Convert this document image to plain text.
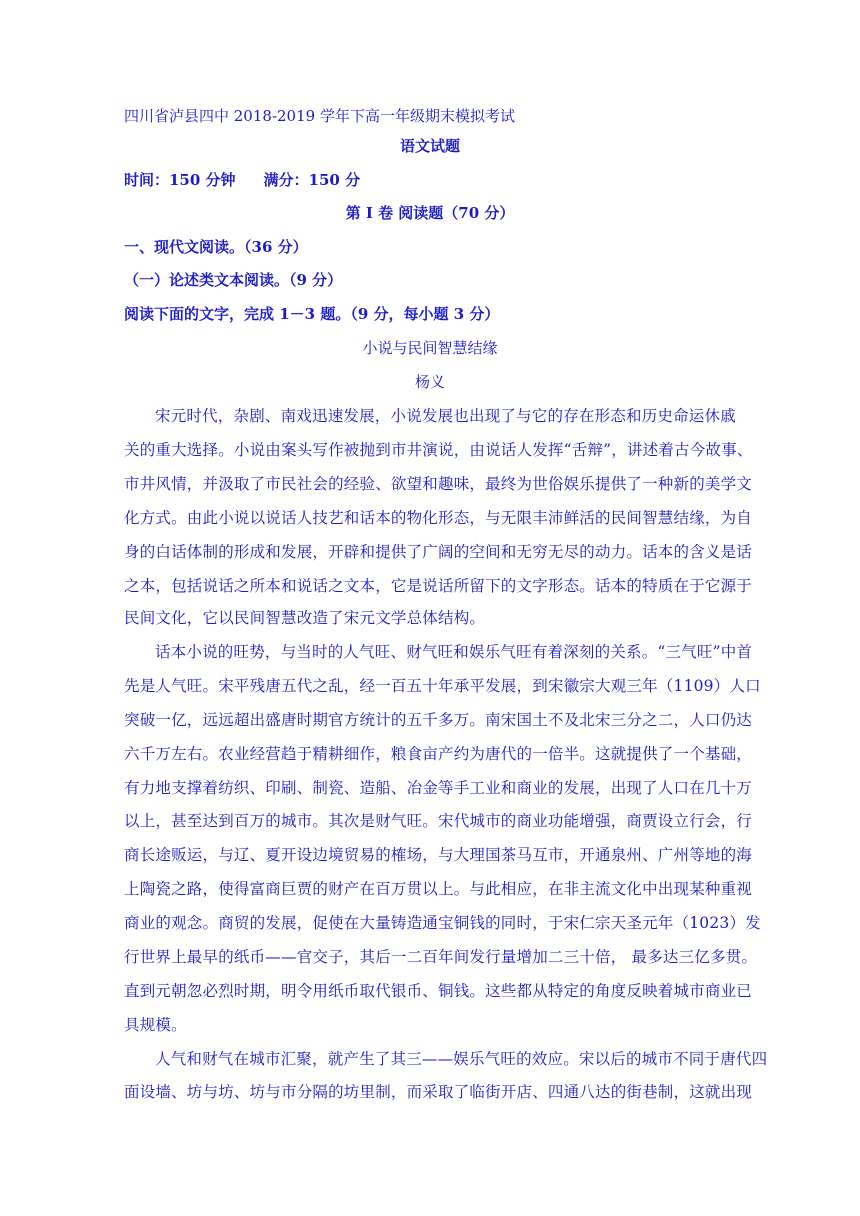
四川省泸县四中 2018-2019 学年下高一年级期末模拟考试
语文试题
时间：150 分钟 满分：150 分
第 I 卷 阅读题（70 分）
一、现代文阅读。（36 分）
（一）论述类文本阅读。（9 分）
阅读下面的文字，完成 1－3 题。（9 分，每小题 3 分）
小说与民间智慧结缘
杨义
宋元时代，杂剧、南戏迅速发展，小说发展也出现了与它的存在形态和历史命运休戚
关的重大选择。小说由案头写作被抛到市井演说，由说话人发挥“舌辩”，讲述着古今故事、
市井风情，并汲取了市民社会的经验、欲望和趣味，最终为世俗娱乐提供了一种新的美学文
化方式。由此小说以说话人技艺和话本的物化形态，与无限丰沛鲜活的民间智慧结缘，为自
身的白话体制的形成和发展，开辟和提供了广阔的空间和无穷无尽的动力。话本的含义是话
之本，包括说话之所本和说话之文本，它是说话所留下的文字形态。话本的特质在于它源于
民间文化，它以民间智慧改造了宋元文学总体结构。
话本小说的旺势，与当时的人气旺、财气旺和娱乐气旺有着深刻的关系。“三气旺”中首
先是人气旺。宋平残唐五代之乱，经一百五十年承平发展，到宋徽宗大观三年（1109）人口
突破一亿，远远超出盛唐时期官方统计的五千多万。南宋国土不及北宋三分之二，人口仍达
六千万左右。农业经营趋于精耕细作，粮食亩产约为唐代的一倍半。这就提供了一个基础，
有力地支撑着纺织、印刷、制瓷、造船、冶金等手工业和商业的发展，出现了人口在几十万
以上，甚至达到百万的城市。其次是财气旺。宋代城市的商业功能增强，商贾设立行会，行
商长途贩运，与辽、夏开设边境贸易的榷场，与大理国茶马互市，开通泉州、广州等地的海
上陶瓷之路，使得富商巨贾的财产在百万贯以上。与此相应，在非主流文化中出现某种重视
商业的观念。商贸的发展，促使在大量铸造通宝铜钱的同时，于宋仁宗天圣元年（1023）发
行世界上最早的纸币——官交子，其后一二百年间发行量增加二三十倍， 最多达三亿多贯。
直到元朝忽必烈时期，明令用纸币取代银币、铜钱。这些都从特定的角度反映着城市商业已
具规模。
人气和财气在城市汇聚，就产生了其三——娱乐气旺的效应。宋以后的城市不同于唐代四
面设墙、坊与坊、坊与市分隔的坊里制，而采取了临街开店、四通八达的街巷制，这就出现
